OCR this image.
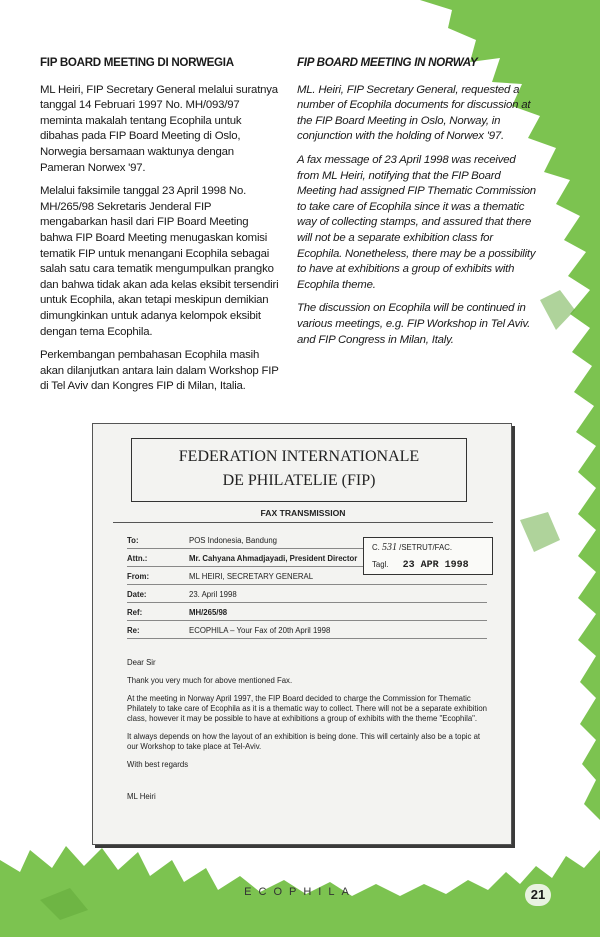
FIP BOARD MEETING DI NORWEGIA

ML Heiri, FIP Secretary General melalui suratnya tanggal 14 Februari 1997 No. MH/093/97 meminta makalah tentang Ecophila untuk dibahas pada FIP Board Meeting di Oslo, Norwegia bersamaan waktunya dengan Pameran Norwex '97.

Melalui faksimile tanggal 23 April 1998 No. MH/265/98 Sekretaris Jenderal FIP mengabarkan hasil dari FIP Board Meeting bahwa FIP Board Meeting menugaskan komisi tematik FIP untuk menangani Ecophila sebagai salah satu cara tematik mengumpulkan prangko dan bahwa tidak akan ada kelas eksibit tersendiri untuk Ecophila, akan tetapi meskipun demikian dimungkinkan untuk adanya kelompok eksibit dengan tema Ecophila.

Perkembangan pembahasan Ecophila masih akan dilanjutkan antara lain dalam Workshop FIP di Tel Aviv dan Kongres FIP di Milan, Italia.

FIP BOARD MEETING IN NORWAY

ML. Heiri, FIP Secretary General, requested a number of Ecophila documents for discussion at the FIP Board Meeting in Oslo, Norway, in conjunction with the holding of Norwex '97.

A fax message of 23 April 1998 was received from ML Heiri, notifying that the FIP Board Meeting had assigned FIP Thematic Commission to take care of Ecophila since it was a thematic way of collecting stamps, and assured that there will not be a separate exhibition class for Ecophila. Nonetheless, there may be a possibility to have at exhibitions a group of exhibits with Ecophila theme.

The discussion on Ecophila will be continued in various meetings, e.g. FIP Workshop in Tel Aviv. and FIP Congress in Milan, Italy.

FEDERATION INTERNATIONALE
DE PHILATELIE (FIP)
FAX TRANSMISSION
To:	POS Indonesia, Bandung
Attn.:	Mr. Cahyana Ahmadjayadi, President Director
From:	ML HEIRI, SECRETARY GENERAL
Date:	23. April 1998
Ref:	MH/265/98
Re:	ECOPHILA – Your Fax of 20th April 1998
C. 531 /SETRUT/FAC.
Tagl. 23 APR 1998

Dear Sir

Thank you very much for above mentioned Fax.

At the meeting in Norway April 1997, the FIP Board decided to charge the Commission for Thematic Philately to take care of Ecophila as it is a thematic way to collect. There will not be a separate exhibition class, however it may be possible to have at exhibitions a group of exhibits with the theme "Ecophila".

It always depends on how the layout of an exhibition is being done. This will certainly also be a topic at our Workshop to take place at Tel-Aviv.

With best regards

ML Heiri

ECOPHILA	21
